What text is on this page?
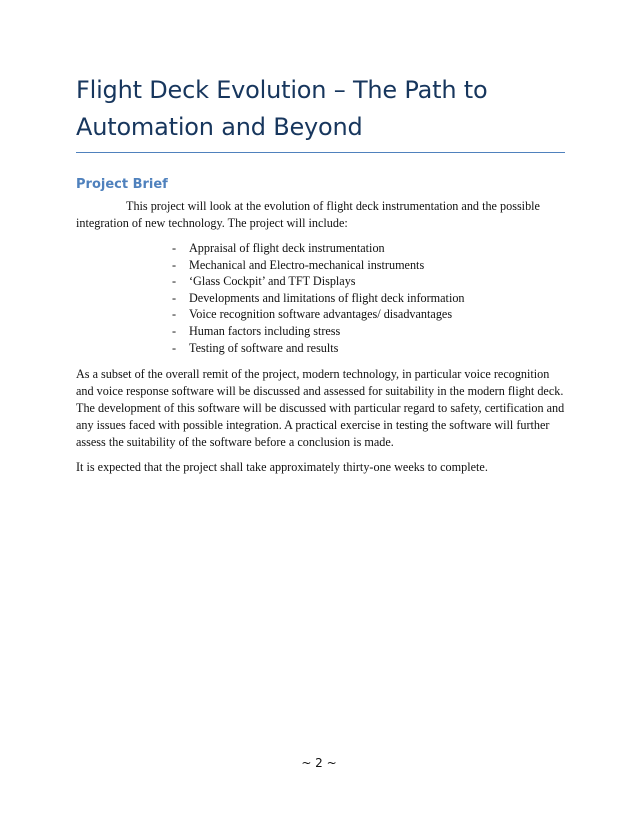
Flight Deck Evolution – The Path to Automation and Beyond
Project Brief

This project will look at the evolution of flight deck instrumentation and the possible integration of new technology. The project will include:

- Appraisal of flight deck instrumentation
- Mechanical and Electro-mechanical instruments
- ‘Glass Cockpit’ and TFT Displays
- Developments and limitations of flight deck information
- Voice recognition software advantages/ disadvantages
- Human factors including stress
- Testing of software and results

As a subset of the overall remit of the project, modern technology, in particular voice recognition and voice response software will be discussed and assessed for suitability in the modern flight deck. The development of this software will be discussed with particular regard to safety, certification and any issues faced with possible integration. A practical exercise in testing the software will further assess the suitability of the software before a conclusion is made.

It is expected that the project shall take approximately thirty-one weeks to complete.

~ 2 ~
